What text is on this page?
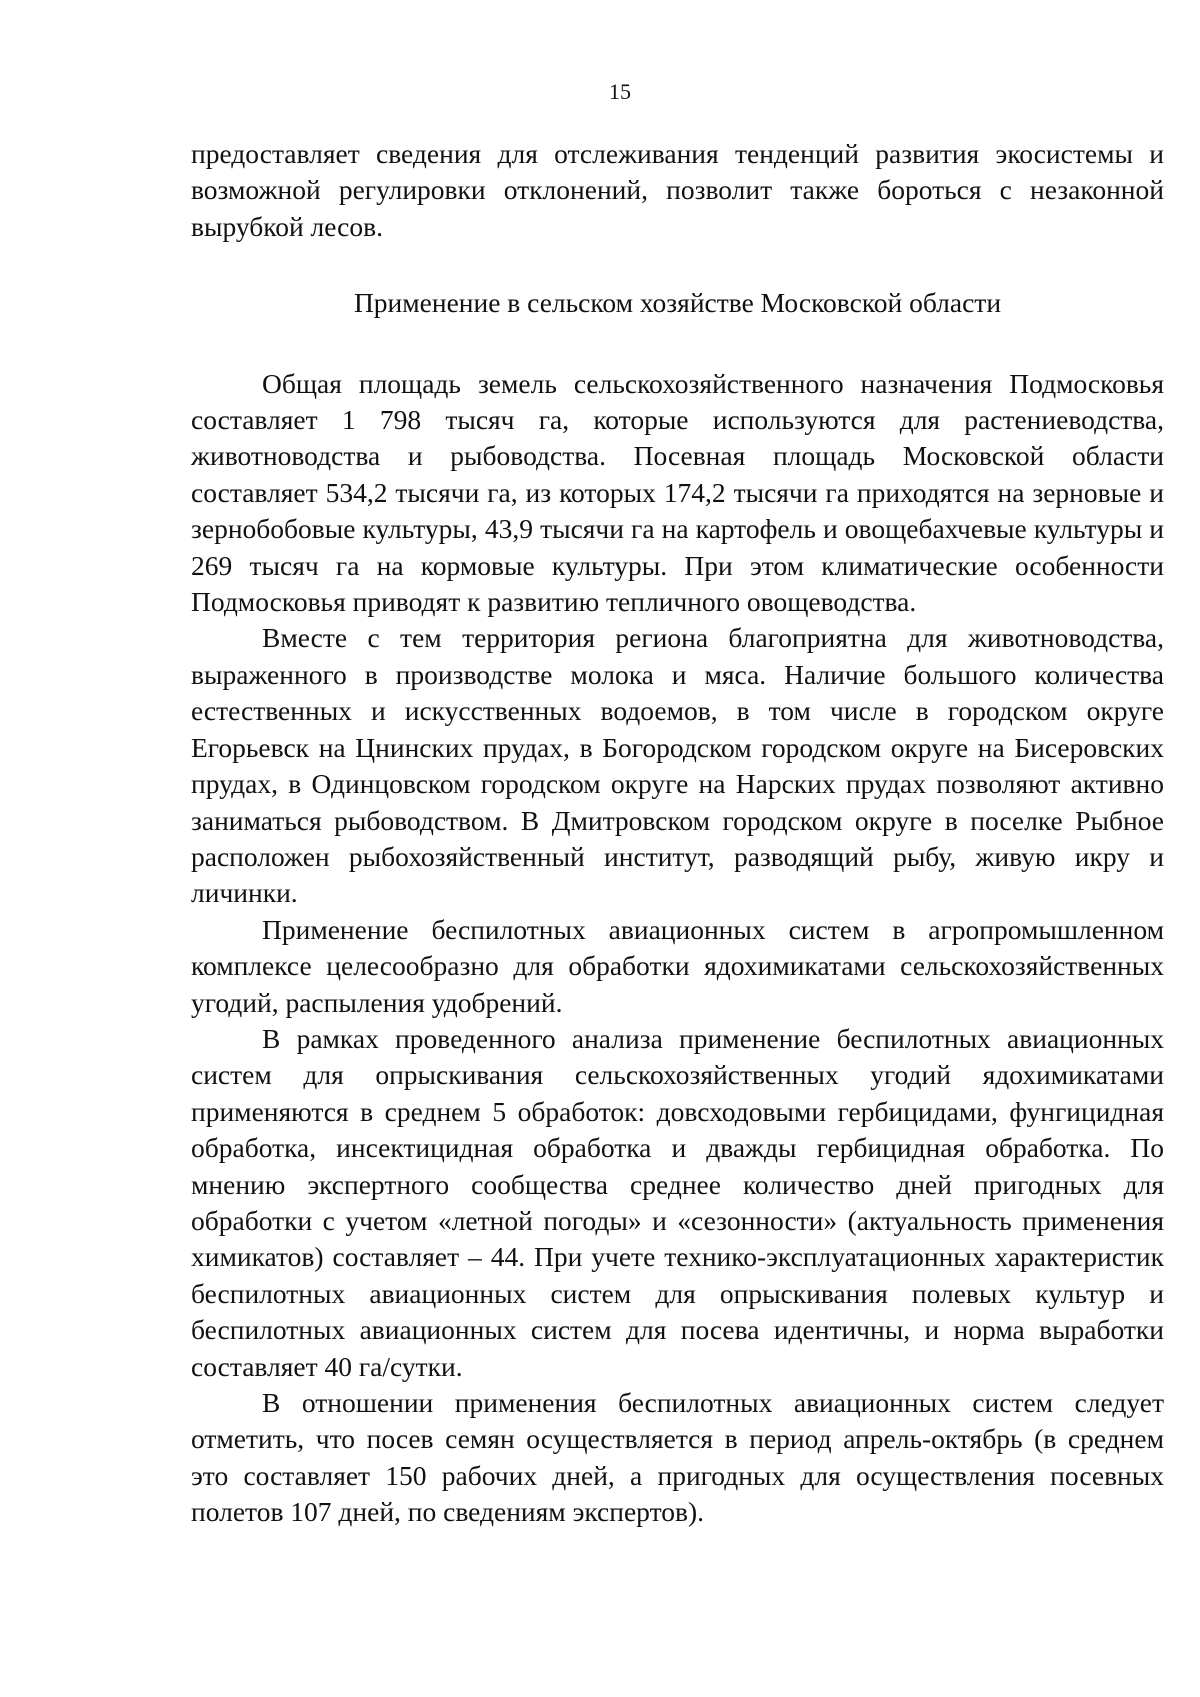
15

предоставляет сведения для отслеживания тенденций развития экосистемы и возможной регулировки отклонений, позволит также бороться с незаконной вырубкой лесов.

Применение в сельском хозяйстве Московской области

Общая площадь земель сельскохозяйственного назначения Подмосковья составляет 1 798 тысяч га, которые используются для растениеводства, животноводства и рыбоводства. Посевная площадь Московской области составляет 534,2 тысячи га, из которых 174,2 тысячи га приходятся на зерновые и зернобобовые культуры, 43,9 тысячи га на картофель и овощебахчевые культуры и 269 тысяч га на кормовые культуры. При этом климатические особенности Подмосковья приводят к развитию тепличного овощеводства.

Вместе с тем территория региона благоприятна для животноводства, выраженного в производстве молока и мяса. Наличие большого количества естественных и искусственных водоемов, в том числе в городском округе Егорьевск на Цнинских прудах, в Богородском городском округе на Бисеровских прудах, в Одинцовском городском округе на Нарских прудах позволяют активно заниматься рыбоводством. В Дмитровском городском округе в поселке Рыбное расположен рыбохозяйственный институт, разводящий рыбу, живую икру и личинки.

Применение беспилотных авиационных систем в агропромышленном комплексе целесообразно для обработки ядохимикатами сельскохозяйственных угодий, распыления удобрений.

В рамках проведенного анализа применение беспилотных авиационных систем для опрыскивания сельскохозяйственных угодий ядохимикатами применяются в среднем 5 обработок: довсходовыми гербицидами, фунгицидная обработка, инсектицидная обработка и дважды гербицидная обработка. По мнению экспертного сообщества среднее количество дней пригодных для обработки с учетом «летной погоды» и «сезонности» (актуальность применения химикатов) составляет – 44. При учете технико-эксплуатационных характеристик беспилотных авиационных систем для опрыскивания полевых культур и беспилотных авиационных систем для посева идентичны, и норма выработки составляет 40 га/сутки.

В отношении применения беспилотных авиационных систем следует отметить, что посев семян осуществляется в период апрель-октябрь (в среднем это составляет 150 рабочих дней, а пригодных для осуществления посевных полетов 107 дней, по сведениям экспертов).
